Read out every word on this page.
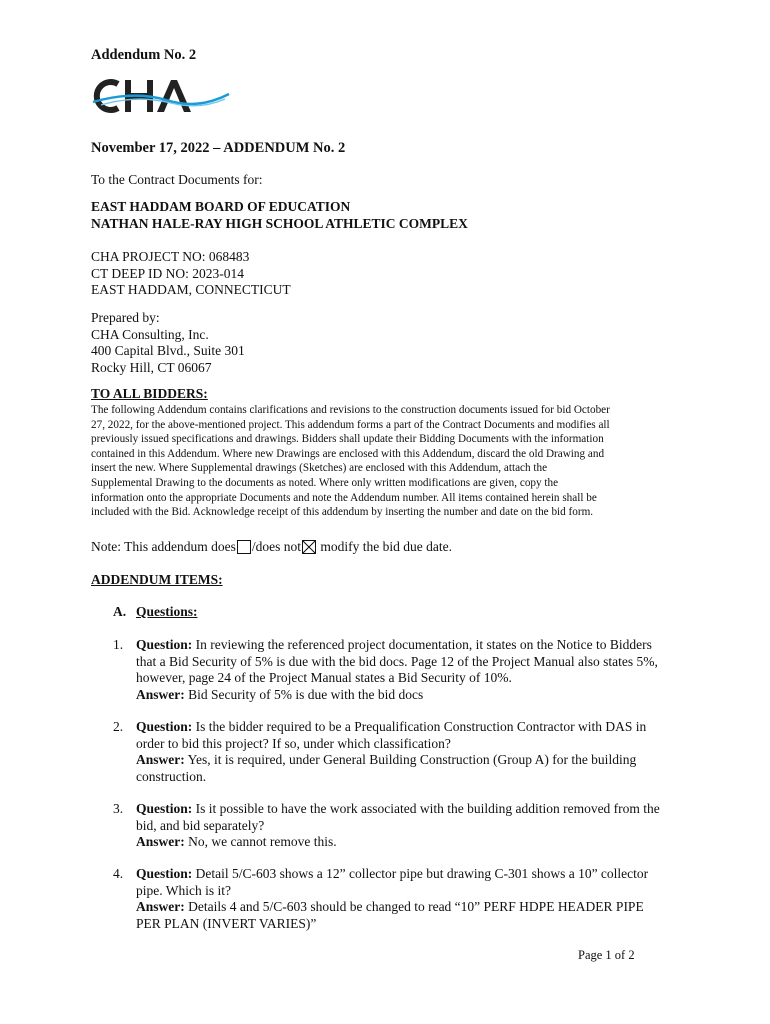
Addendum No. 2
November 17, 2022 – ADDENDUM No. 2
To the Contract Documents for:
EAST HADDAM BOARD OF EDUCATION
NATHAN HALE-RAY HIGH SCHOOL ATHLETIC COMPLEX
CHA PROJECT NO: 068483
CT DEEP ID NO: 2023-014
EAST HADDAM, CONNECTICUT
Prepared by:
CHA Consulting, Inc.
400 Capital Blvd., Suite 301
Rocky Hill, CT 06067
TO ALL BIDDERS:
The following Addendum contains clarifications and revisions to the construction documents issued for bid October
27, 2022, for the above-mentioned project. This addendum forms a part of the Contract Documents and modifies all
previously issued specifications and drawings. Bidders shall update their Bidding Documents with the information
contained in this Addendum. Where new Drawings are enclosed with this Addendum, discard the old Drawing and
insert the new. Where Supplemental drawings (Sketches) are enclosed with this Addendum, attach the
Supplemental Drawing to the documents as noted. Where only written modifications are given, copy the
information onto the appropriate Documents and note the Addendum number. All items contained herein shall be
included with the Bid. Acknowledge receipt of this addendum by inserting the number and date on the bid form.
Note: This addendum does /does not

modify the bid due date.
ADDENDUM ITEMS:
A. Questions:
1. Question: In reviewing the referenced project documentation, it states on the Notice to Bidders
that a Bid Security of 5% is due with the bid docs. Page 12 of the Project Manual also states 5%,
however, page 24 of the Project Manual states a Bid Security of 10%.
Answer: Bid Security of 5% is due with the bid docs
2. Question: Is the bidder required to be a Prequalification Construction Contractor with DAS in
order to bid this project? If so, under which classification?
Answer: Yes, it is required, under General Building Construction (Group A) for the building
construction.
3. Question: Is it possible to have the work associated with the building addition removed from the
bid, and bid separately?
Answer: No, we cannot remove this.
4. Question: Detail 5/C-603 shows a 12” collector pipe but drawing C-301 shows a 10” collector
pipe. Which is it?
Answer: Details 4 and 5/C-603 should be changed to read “10” PERF HDPE HEADER PIPE
PER PLAN (INVERT VARIES)”
Page 1 of 2
